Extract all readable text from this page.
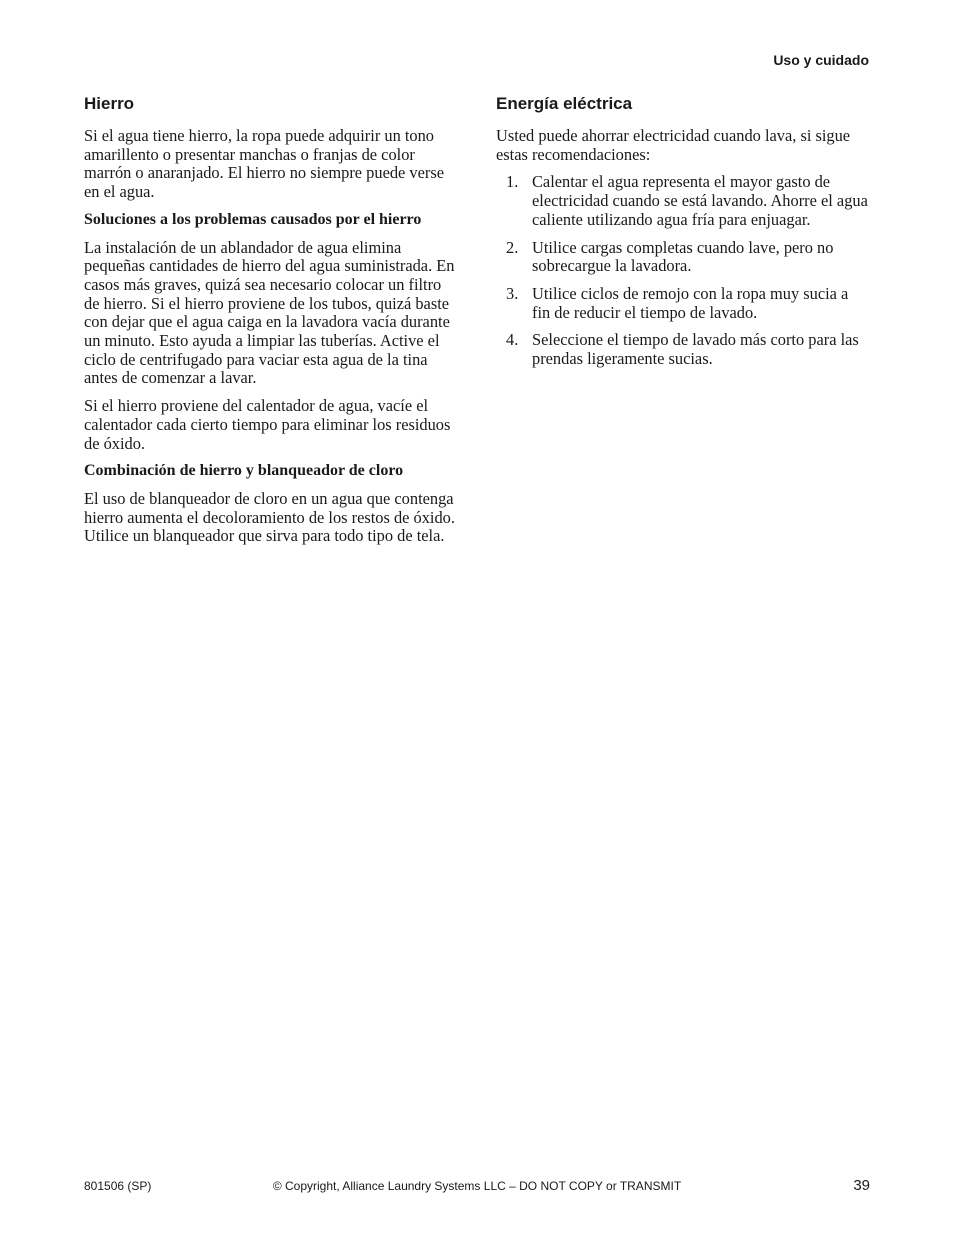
Uso y cuidado
Hierro

Si el agua tiene hierro, la ropa puede adquirir un tono amarillento o presentar manchas o franjas de color marrón o anaranjado. El hierro no siempre puede verse en el agua.

Soluciones a los problemas causados por el hierro

La instalación de un ablandador de agua elimina pequeñas cantidades de hierro del agua suministrada. En casos más graves, quizá sea necesario colocar un filtro de hierro. Si el hierro proviene de los tubos, quizá baste con dejar que el agua caiga en la lavadora vacía durante un minuto. Esto ayuda a limpiar las tuberías. Active el ciclo de centrifugado para vaciar esta agua de la tina antes de comenzar a lavar.

Si el hierro proviene del calentador de agua, vacíe el calentador cada cierto tiempo para eliminar los residuos de óxido.

Combinación de hierro y blanqueador de cloro

El uso de blanqueador de cloro en un agua que contenga hierro aumenta el decoloramiento de los restos de óxido. Utilice un blanqueador que sirva para todo tipo de tela.

Energía eléctrica

Usted puede ahorrar electricidad cuando lava, si sigue estas recomendaciones:

1. Calentar el agua representa el mayor gasto de electricidad cuando se está lavando. Ahorre el agua caliente utilizando agua fría para enjuagar.
2. Utilice cargas completas cuando lave, pero no sobrecargue la lavadora.
3. Utilice ciclos de remojo con la ropa muy sucia a fin de reducir el tiempo de lavado.
4. Seleccione el tiempo de lavado más corto para las prendas ligeramente sucias.
801506 (SP)	© Copyright, Alliance Laundry Systems LLC – DO NOT COPY or TRANSMIT	39
